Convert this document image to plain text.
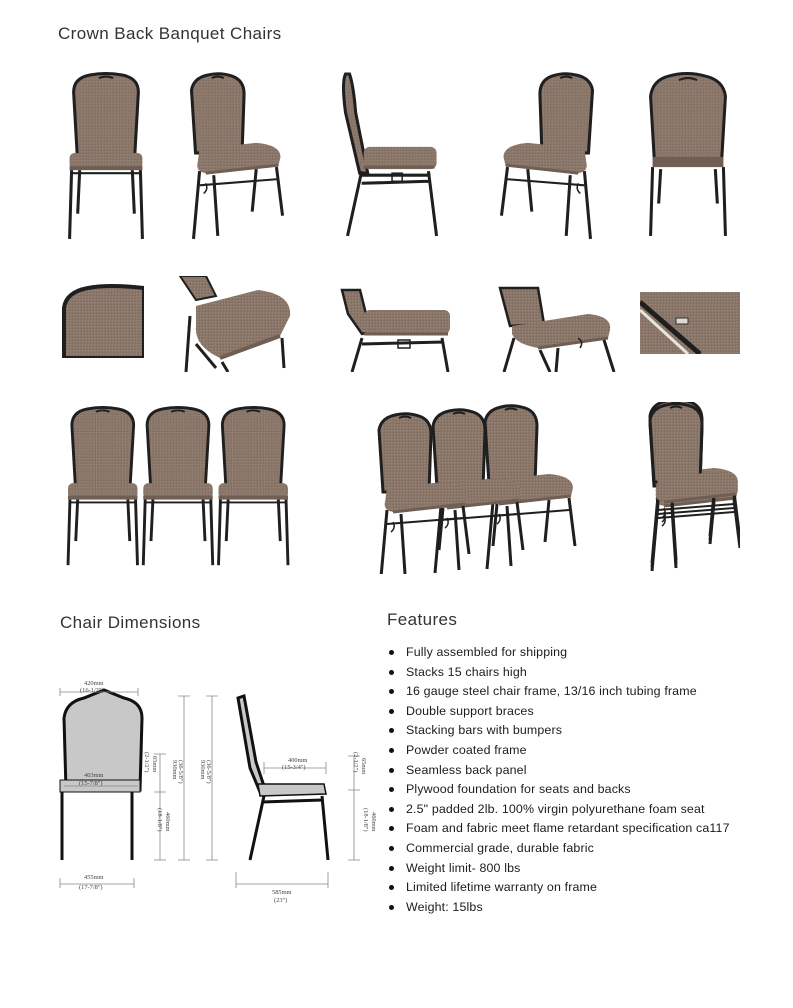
Crown Back Banquet Chairs
Chair Dimensions	Features
420mm
(16-1/2")
403mm
(15-7/8")
455mm
(17-7/8")
65mm
(2-1/2")	930mm (36-5/8")
460mm
(18-1/8")
930mm (36-5/8")	400mm
(15-3/4")	65mm
(2-1/2")
460mm
(18-1/8")
585mm
(23")
Fully assembled for shipping
Stacks 15 chairs high
16 gauge steel chair frame, 13/16 inch tubing frame
Double support braces
Stacking bars with bumpers
Powder coated frame
Seamless back panel
Plywood foundation for seats and backs
2.5" padded 2lb. 100% virgin polyurethane foam seat
Foam and fabric meet flame retardant specification ca117
Commercial grade, durable fabric
Weight limit- 800 lbs
Limited lifetime warranty on frame
Weight: 15lbs
